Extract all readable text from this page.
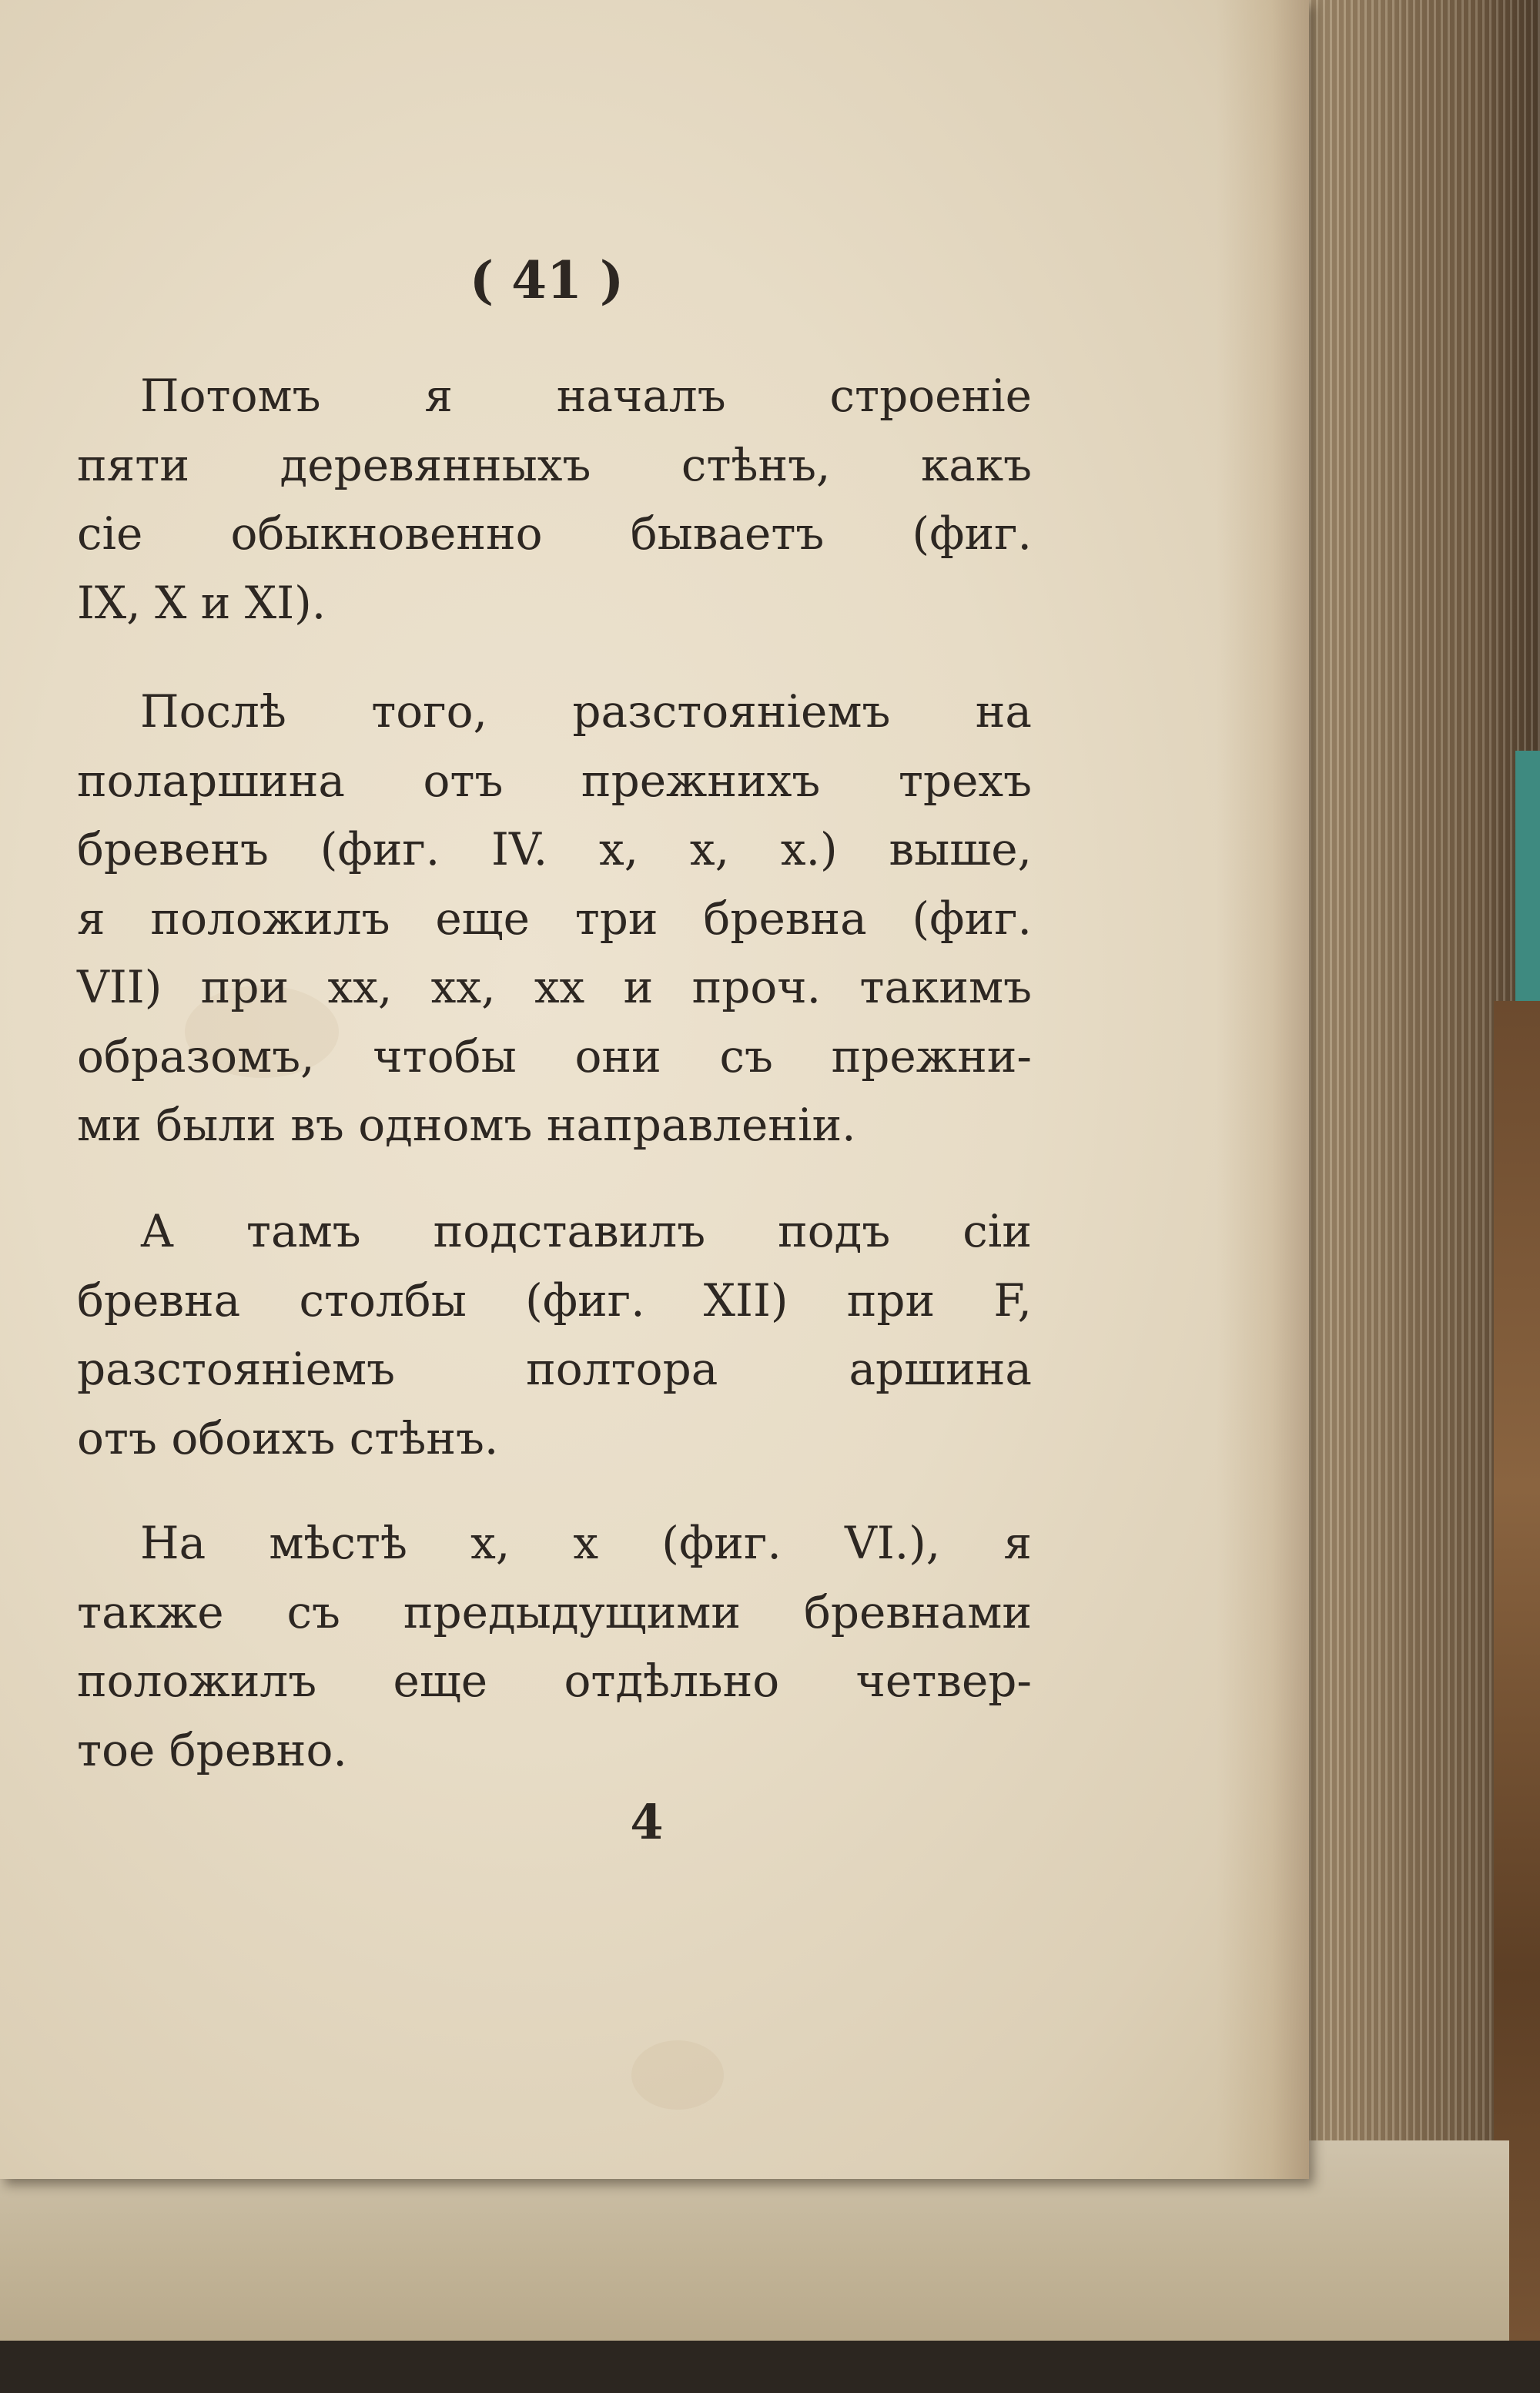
( 41 )
Потомъ я началъ строеніе
пяти деревянныхъ стѣнъ, какъ
сіе обыкновенно бываетъ (фиг.
IX, X и XI).
Послѣ того, разстояніемъ на
поларшина отъ прежнихъ трехъ
бревенъ (фиг. IV. x, x, x.) выше,
я положилъ еще три бревна (фиг.
VII) при xx, xx, xx и проч. такимъ
образомъ, чтобы они съ прежни-
ми были въ одномъ направленіи.
А тамъ подставилъ подъ сіи
бревна столбы (фиг. XII) при F,
разстояніемъ полтора аршина
отъ обоихъ стѣнъ.
На мѣстѣ x, x (фиг. VI.), я
также съ предыдущими бревнами
положилъ еще отдѣльно четвер-
тое бревно.
4
